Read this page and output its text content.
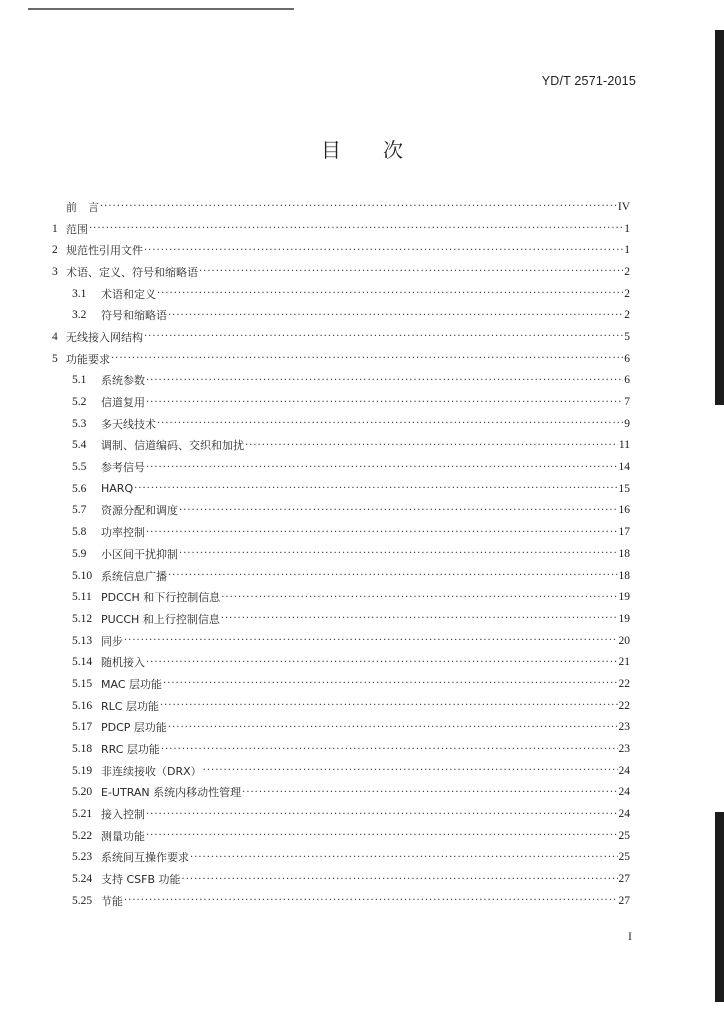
YD/T 2571-2015
目次
前　言 ·····	IV
1 范围 ·····	1
2 规范性引用文件 ·····	1
3 术语、定义、符号和缩略语 ·····	2
3.1	术语和定义 ·····	2
3.2	符号和缩略语 ·····	2
4 无线接入网结构 ·····	5
5 功能要求 ·····	6
5.1	系统参数 ·····	6
5.2	信道复用 ·····	7
5.3	多天线技术 ·····	9
5.4	调制、信道编码、交织和加扰 ·····	11
5.5	参考信号 ·····	14
5.6	HARQ ·····	15
5.7	资源分配和调度 ·····	16
5.8	功率控制 ·····	17
5.9	小区间干扰抑制 ·····	18
5.10 系统信息广播 ·····	18
5.11 PDCCH 和下行控制信息 ·····	19
5.12 PUCCH 和上行控制信息 ·····	19
5.13 同步 ·····	20
5.14 随机接入 ·····	21
5.15 MAC 层功能 ·····	22
5.16 RLC 层功能 ·····	22
5.17 PDCP 层功能 ·····	23
5.18 RRC 层功能 ·····	23
5.19 非连续接收（DRX） ·····	24
5.20 E-UTRAN 系统内移动性管理 ·····	24
5.21 接入控制 ·····	24
5.22 测量功能 ·····	25
5.23 系统间互操作要求 ·····	25
5.24 支持 CSFB 功能 ·····	27
5.25 节能 ·····	27
I
